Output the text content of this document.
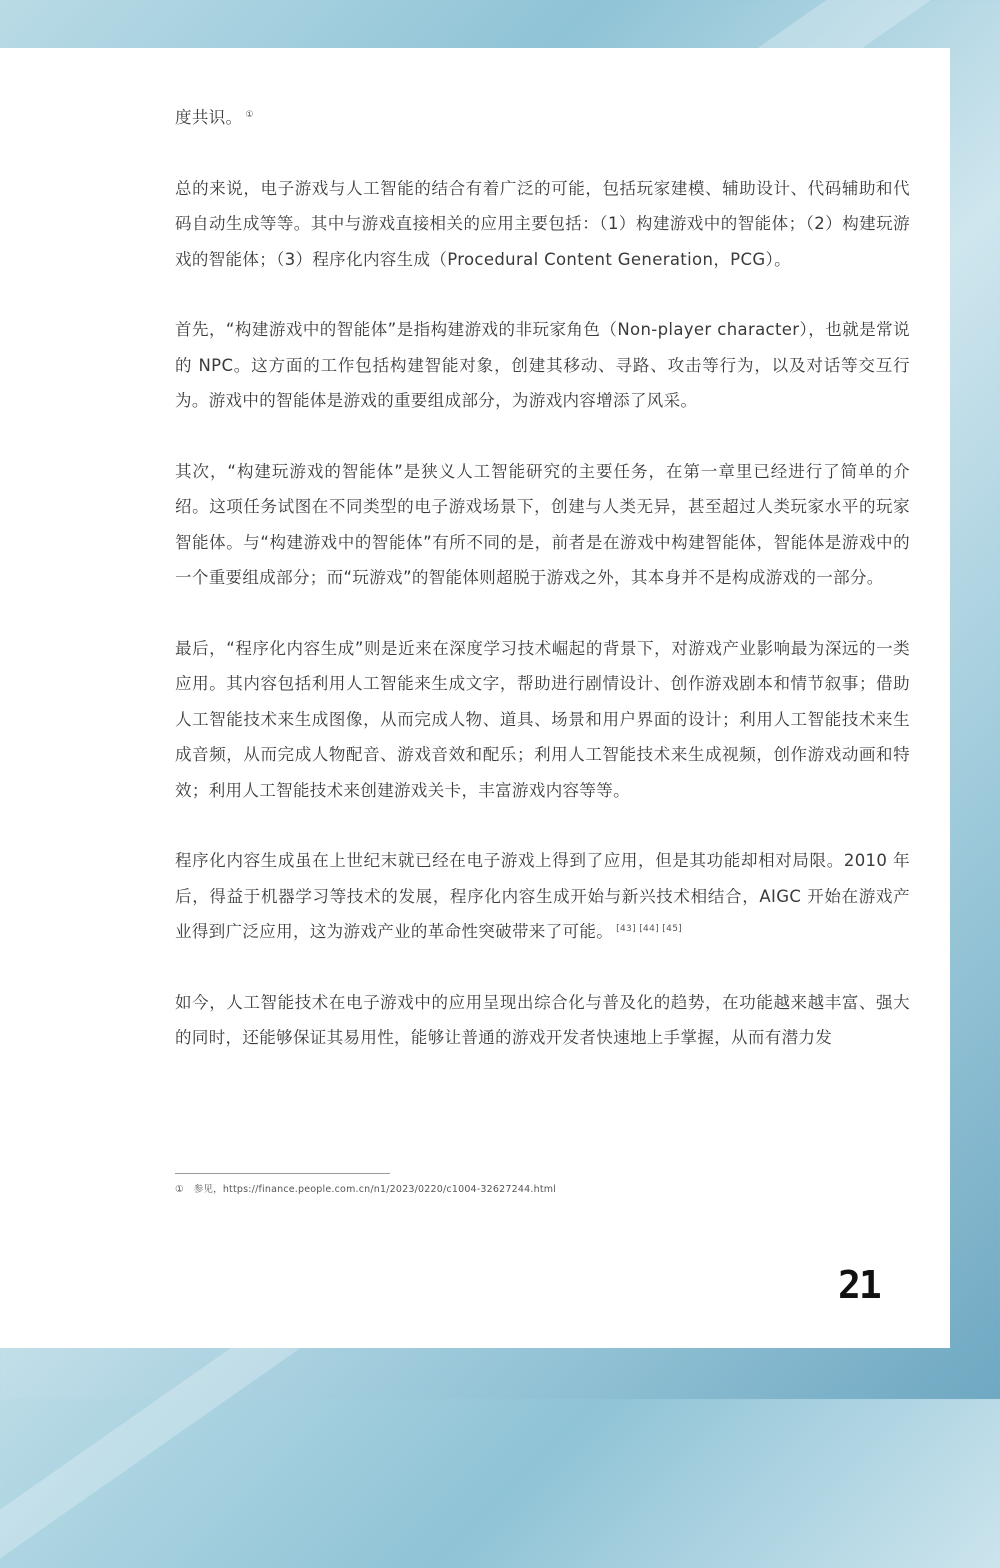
度共识。 ①

总的来说，电子游戏与人工智能的结合有着广泛的可能，包括玩家建模、辅助设计、代码辅助和代码自动生成等等。其中与游戏直接相关的应用主要包括：（1）构建游戏中的智能体；（2）构建玩游戏的智能体；（3）程序化内容生成（Procedural Content Generation，PCG）。

首先，“构建游戏中的智能体”是指构建游戏的非玩家角色（Non-player character），也就是常说的 NPC。这方面的工作包括构建智能对象，创建其移动、寻路、攻击等行为，以及对话等交互行为。游戏中的智能体是游戏的重要组成部分，为游戏内容增添了风采。

其次，“构建玩游戏的智能体”是狭义人工智能研究的主要任务，在第一章里已经进行了简单的介绍。这项任务试图在不同类型的电子游戏场景下，创建与人类无异，甚至超过人类玩家水平的玩家智能体。与“构建游戏中的智能体”有所不同的是，前者是在游戏中构建智能体，智能体是游戏中的一个重要组成部分；而“玩游戏”的智能体则超脱于游戏之外，其本身并不是构成游戏的一部分。

最后，“程序化内容生成”则是近来在深度学习技术崛起的背景下，对游戏产业影响最为深远的一类应用。其内容包括利用人工智能来生成文字，帮助进行剧情设计、创作游戏剧本和情节叙事；借助人工智能技术来生成图像，从而完成人物、道具、场景和用户界面的设计；利用人工智能技术来生成音频，从而完成人物配音、游戏音效和配乐；利用人工智能技术来生成视频，创作游戏动画和特效；利用人工智能技术来创建游戏关卡，丰富游戏内容等等。

程序化内容生成虽在上世纪末就已经在电子游戏上得到了应用，但是其功能却相对局限。2010 年后，得益于机器学习等技术的发展，程序化内容生成开始与新兴技术相结合，AIGC 开始在游戏产业得到广泛应用，这为游戏产业的革命性突破带来了可能。 [43] [44] [45]

如今，人工智能技术在电子游戏中的应用呈现出综合化与普及化的趋势，在功能越来越丰富、强大的同时，还能够保证其易用性，能够让普通的游戏开发者快速地上手掌握，从而有潜力发

① 参见，https://finance.people.com.cn/n1/2023/0220/c1004-32627244.html
21
